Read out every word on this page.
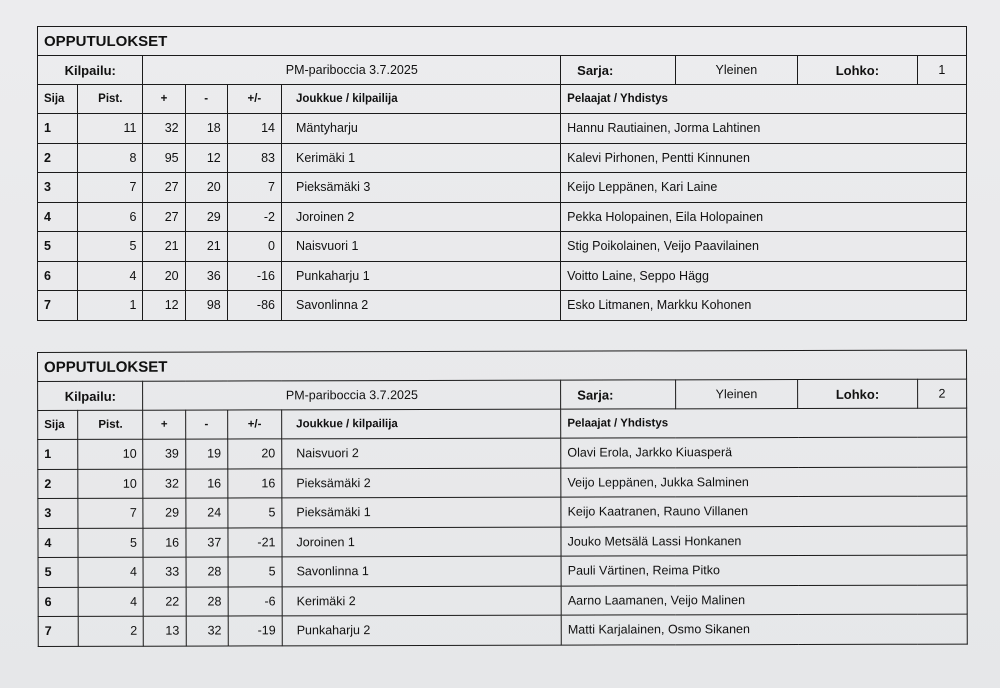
OPPUTULOKSET									
Kilpailu:		PM-pariboccia 3.7.2025				Sarja:	Yleinen	Lohko:	1
Sija	Pist.	+	-	+/-	Joukkue / kilpailija	Pelaajat / Yhdistys			
1	11	32	18	14	Mäntyharju	Hannu Rautiainen, Jorma Lahtinen			
2	8	95	12	83	Kerimäki 1	Kalevi Pirhonen, Pentti Kinnunen			
3	7	27	20	7	Pieksämäki 3	Keijo Leppänen, Kari Laine			
4	6	27	29	-2	Joroinen 2	Pekka Holopainen, Eila Holopainen			
5	5	21	21	0	Naisvuori 1	Stig Poikolainen, Veijo Paavilainen			
6	4	20	36	-16	Punkaharju 1	Voitto Laine, Seppo Hägg			
7	1	12	98	-86	Savonlinna 2	Esko Litmanen, Markku Kohonen			
OPPUTULOKSET									
Kilpailu:		PM-pariboccia 3.7.2025				Sarja:	Yleinen	Lohko:	2
Sija	Pist.	+	-	+/-	Joukkue / kilpailija	Pelaajat / Yhdistys			
1	10	39	19	20	Naisvuori 2	Olavi Erola, Jarkko Kiuasperä			
2	10	32	16	16	Pieksämäki 2	Veijo Leppänen, Jukka Salminen			
3	7	29	24	5	Pieksämäki 1	Keijo Kaatranen, Rauno Villanen			
4	5	16	37	-21	Joroinen 1	Jouko Metsälä Lassi Honkanen			
5	4	33	28	5	Savonlinna 1	Pauli Värtinen, Reima Pitko			
6	4	22	28	-6	Kerimäki 2	Aarno Laamanen, Veijo Malinen			
7	2	13	32	-19	Punkaharju 2	Matti Karjalainen, Osmo Sikanen			
